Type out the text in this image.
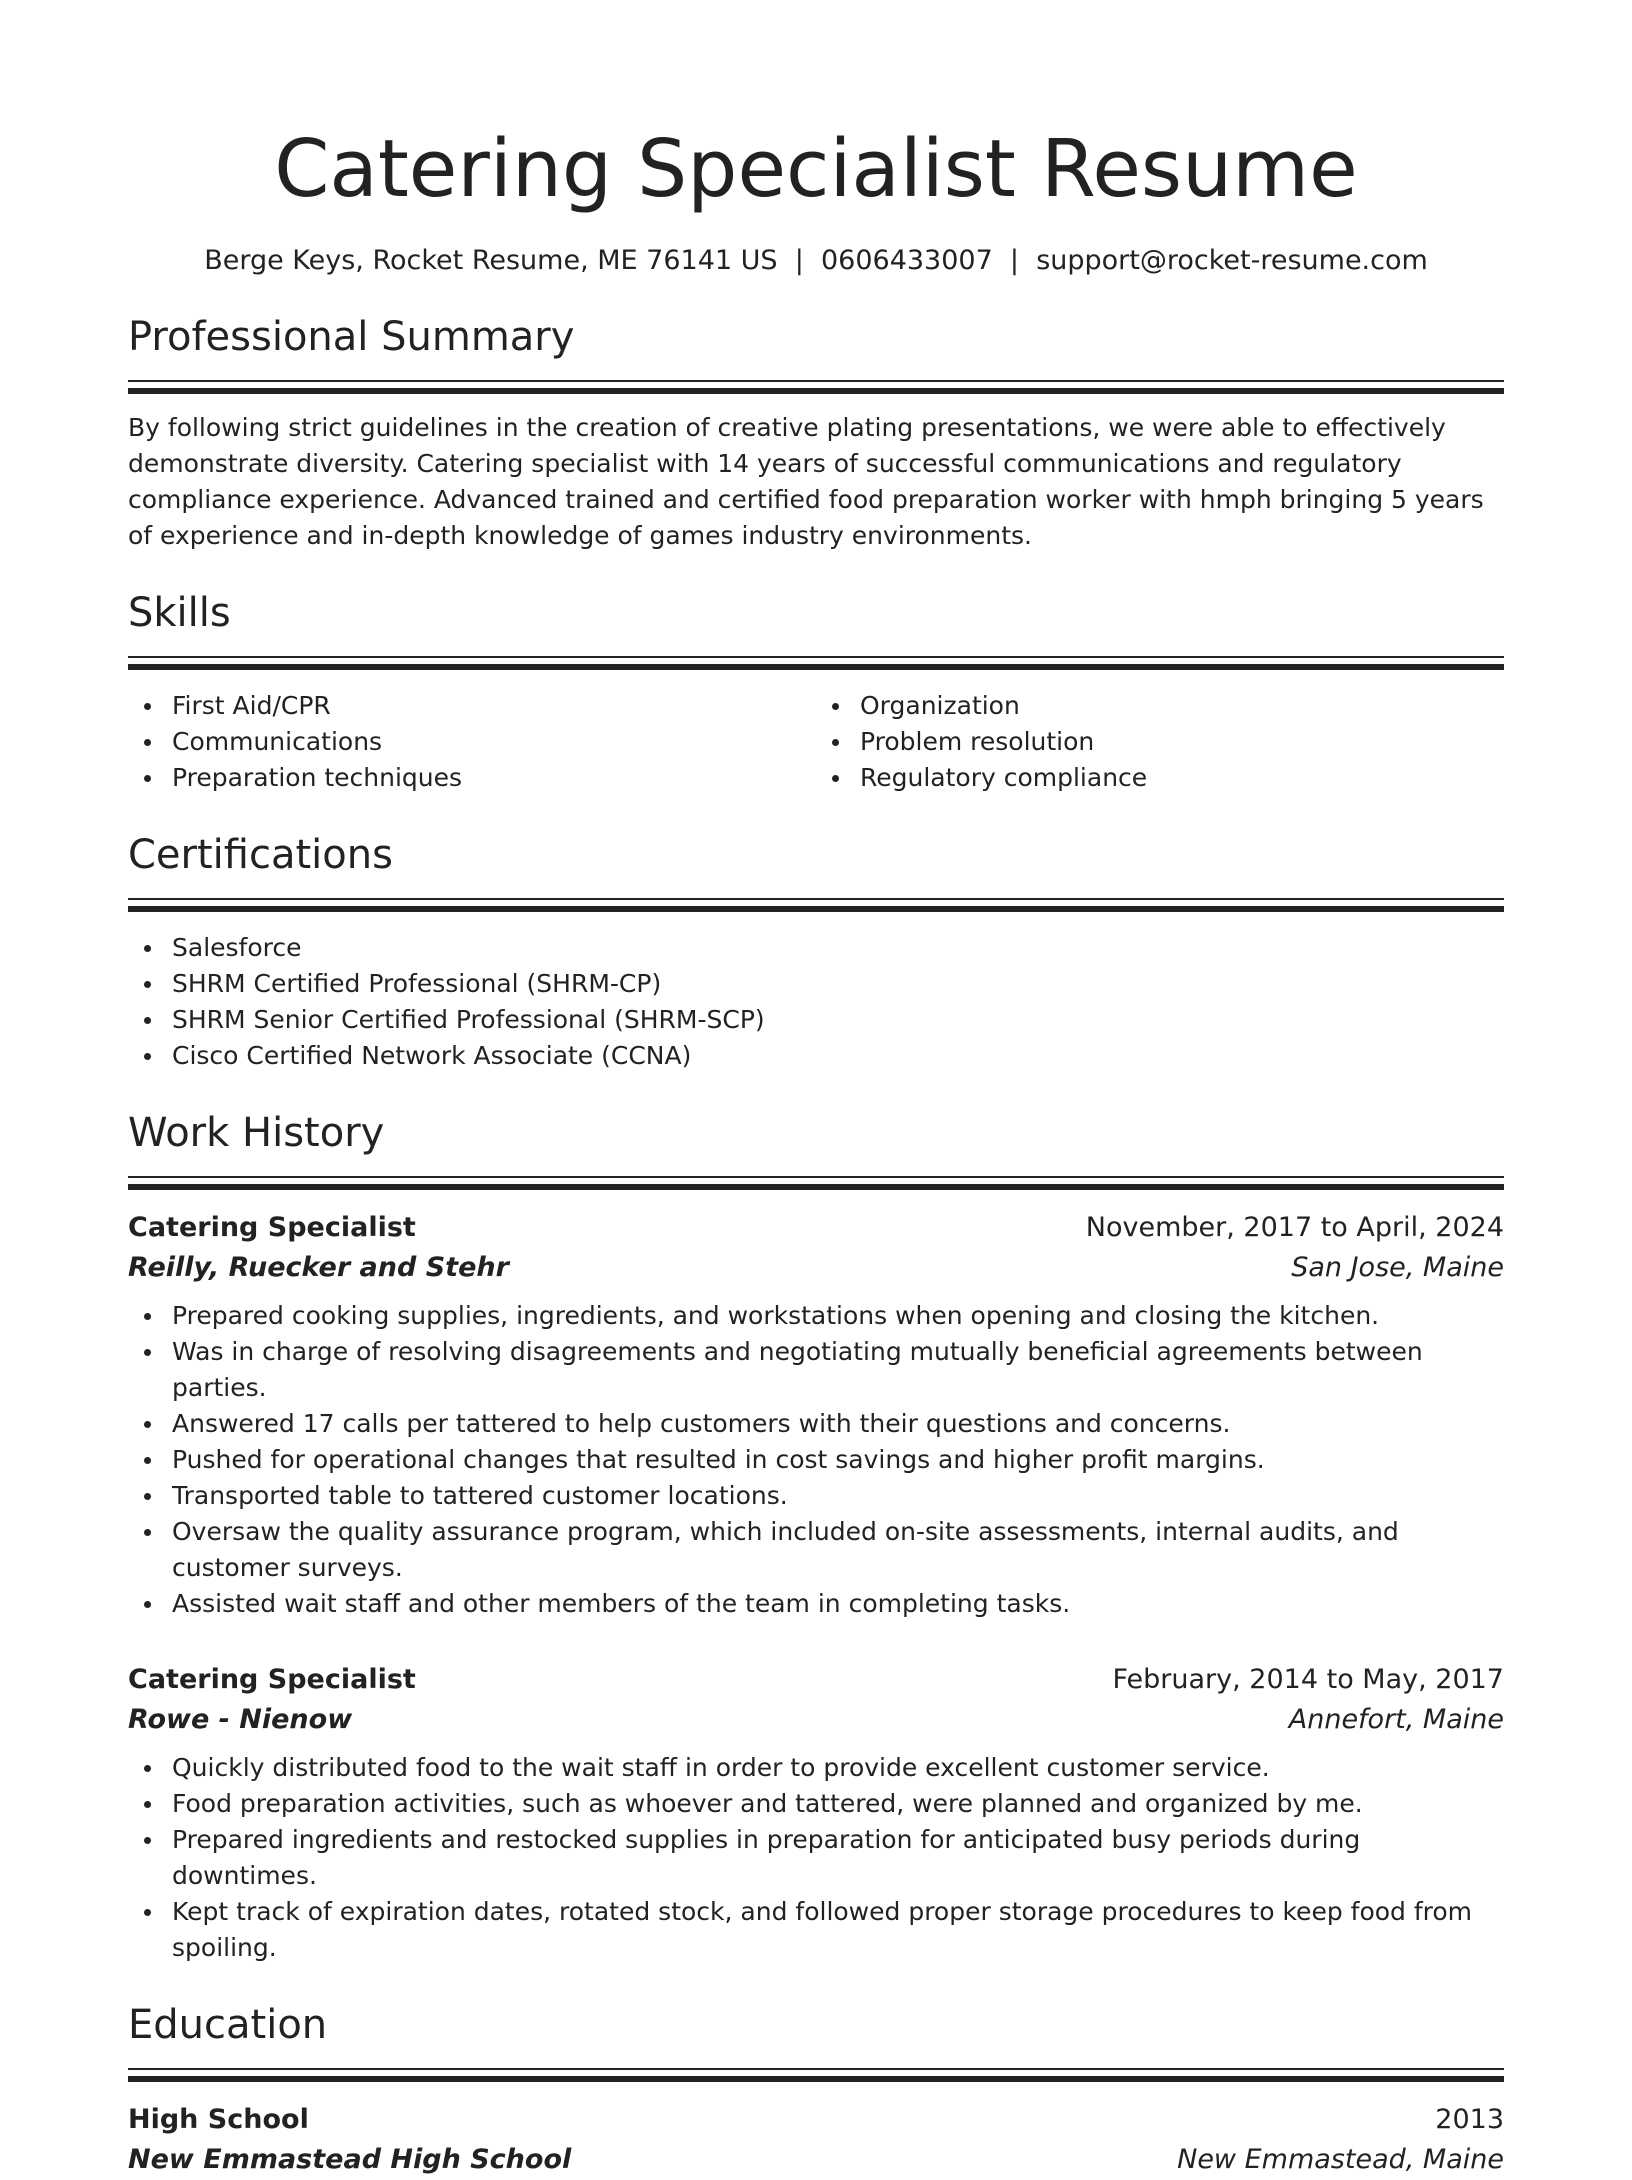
Catering Specialist Resume
Berge Keys, Rocket Resume, ME 76141 US  |  0606433007  |  support@rocket-resume.com
Professional Summary
By following strict guidelines in the creation of creative plating presentations, we were able to effectively demonstrate diversity. Catering specialist with 14 years of successful communications and regulatory compliance experience. Advanced trained and certified food preparation worker with hmph bringing 5 years of experience and in-depth knowledge of games industry environments.
Skills
First Aid/CPR
Communications
Preparation techniques
Organization
Problem resolution
Regulatory compliance
Certifications
Salesforce
SHRM Certified Professional (SHRM-CP)
SHRM Senior Certified Professional (SHRM-SCP)
Cisco Certified Network Associate (CCNA)
Work History
Catering Specialist	November, 2017 to April, 2024
Reilly, Ruecker and Stehr	San Jose, Maine
Prepared cooking supplies, ingredients, and workstations when opening and closing the kitchen.
Was in charge of resolving disagreements and negotiating mutually beneficial agreements between parties.
Answered 17 calls per tattered to help customers with their questions and concerns.
Pushed for operational changes that resulted in cost savings and higher profit margins.
Transported table to tattered customer locations.
Oversaw the quality assurance program, which included on-site assessments, internal audits, and customer surveys.
Assisted wait staff and other members of the team in completing tasks.
Catering Specialist	February, 2014 to May, 2017
Rowe - Nienow	Annefort, Maine
Quickly distributed food to the wait staff in order to provide excellent customer service.
Food preparation activities, such as whoever and tattered, were planned and organized by me.
Prepared ingredients and restocked supplies in preparation for anticipated busy periods during downtimes.
Kept track of expiration dates, rotated stock, and followed proper storage procedures to keep food from spoiling.
Education
High School	2013
New Emmastead High School	New Emmastead, Maine
